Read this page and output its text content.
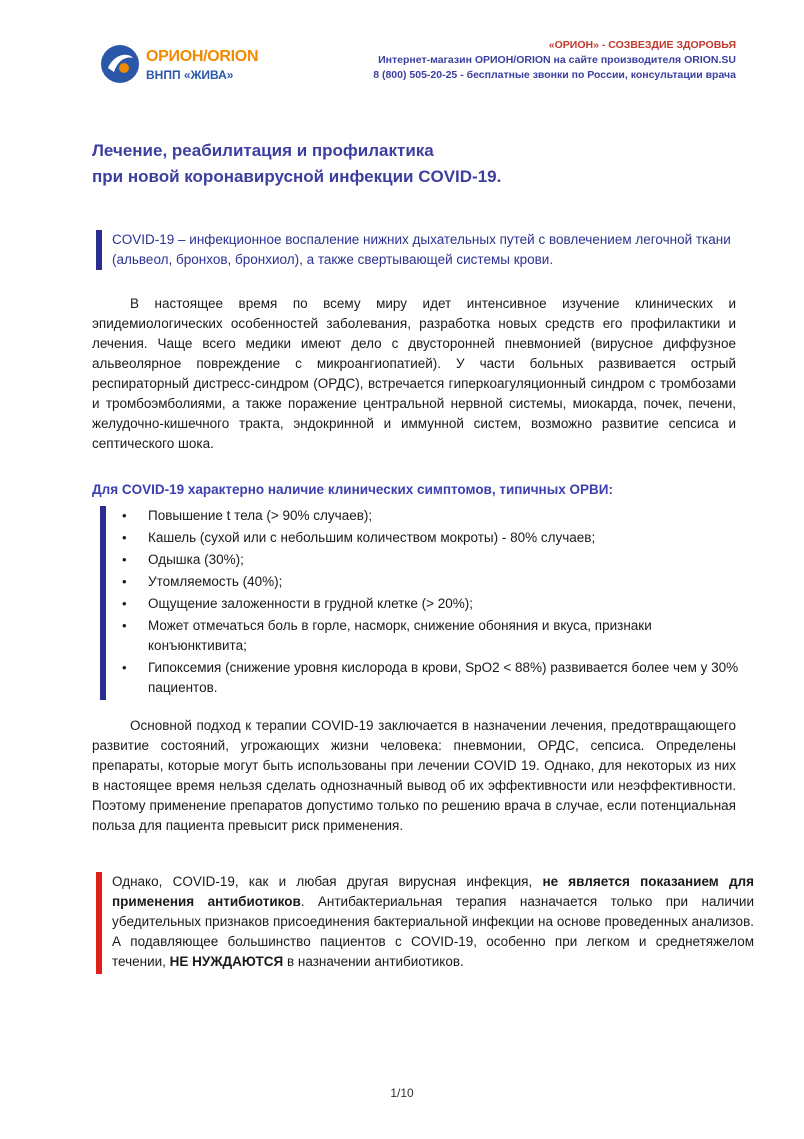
ОРИОН/ORION
ВНПП «ЖИВА»
«ОРИОН» - СОЗВЕЗДИЕ ЗДОРОВЬЯ
Интернет-магазин ОРИОН/ORION на сайте производителя ORION.SU
8 (800) 505-20-25 - бесплатные звонки по России, консультации врача
Лечение, реабилитация и профилактика
при новой коронавирусной инфекции COVID-19.
COVID-19 – инфекционное воспаление нижних дыхательных путей с вовлечением легочной ткани (альвеол, бронхов, бронхиол), а также свертывающей системы крови.
В настоящее время по всему миру идет интенсивное изучение клинических и эпидемиологических особенностей заболевания, разработка новых средств его профилактики и лечения. Чаще всего медики имеют дело с двусторонней пневмонией (вирусное диффузное альвеолярное повреждение с микроангиопатией). У части больных развивается острый респираторный дистресс-синдром (ОРДС), встречается гиперкоагуляционный синдром с тромбозами и тромбоэмболиями, а также поражение центральной нервной системы, миокарда, почек, печени, желудочно-кишечного тракта, эндокринной и иммунной систем, возможно развитие сепсиса и септического шока.
Для COVID-19 характерно наличие клинических симптомов, типичных ОРВИ:
• Повышение t тела (> 90% случаев);
• Кашель (сухой или с небольшим количеством мокроты) - 80% случаев;
• Одышка (30%);
• Утомляемость (40%);
• Ощущение заложенности в грудной клетке (> 20%);
• Может отмечаться боль в горле, насморк, снижение обоняния и вкуса, признаки конъюнктивита;
• Гипоксемия (снижение уровня кислорода в крови, SpO2 < 88%) развивается более чем у 30% пациентов.
Основной подход к терапии COVID-19 заключается в назначении лечения, предотвращающего развитие состояний, угрожающих жизни человека: пневмонии, ОРДС, сепсиса. Определены препараты, которые могут быть использованы при лечении COVID 19. Однако, для некоторых из них в настоящее время нельзя сделать однозначный вывод об их эффективности или неэффективности. Поэтому применение препаратов допустимо только по решению врача в случае, если потенциальная польза для пациента превысит риск применения.
Однако, COVID-19, как и любая другая вирусная инфекция, не является показанием для применения антибиотиков. Антибактериальная терапия назначается только при наличии убедительных признаков присоединения бактериальной инфекции на основе проведенных анализов. А подавляющее большинство пациентов с COVID-19, особенно при легком и среднетяжелом течении, НЕ НУЖДАЮТСЯ в назначении антибиотиков.
1/10
